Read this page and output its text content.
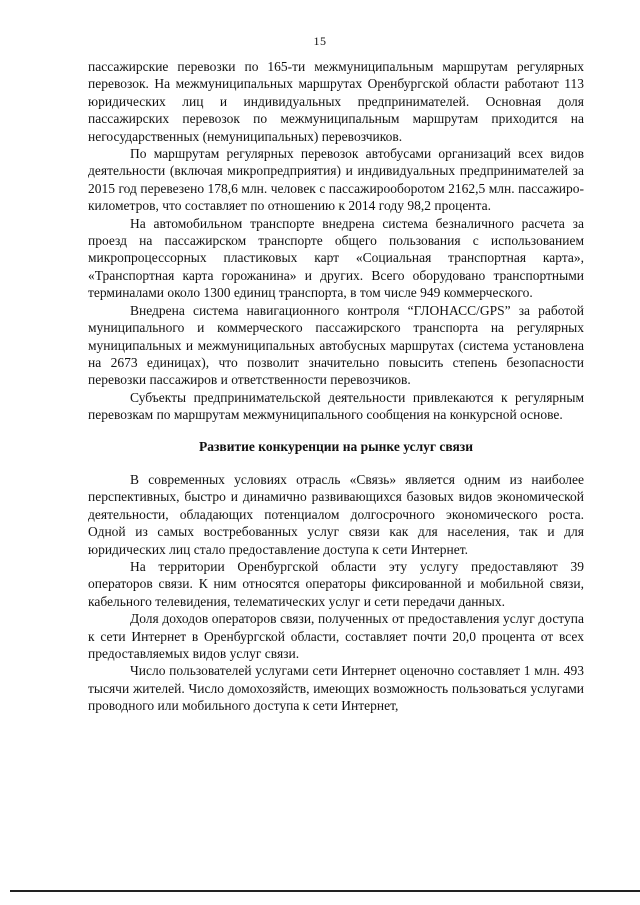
15

пассажирские перевозки по 165-ти межмуниципальным маршрутам регулярных перевозок. На межмуниципальных маршрутах Оренбургской области работают 113 юридических лиц и индивидуальных предпринимателей. Основная доля пассажирских перевозок по межмуниципальным маршрутам приходится на негосударственных (немуниципальных) перевозчиков.

По маршрутам регулярных перевозок автобусами организаций всех видов деятельности (включая микропредприятия) и индивидуальных предпринимателей за 2015 год перевезено 178,6 млн. человек с пассажирооборотом 2162,5 млн. пассажиро-километров, что составляет по отношению к 2014 году 98,2 процента.

На автомобильном транспорте внедрена система безналичного расчета за проезд на пассажирском транспорте общего пользования с использованием микропроцессорных пластиковых карт «Социальная транспортная карта», «Транспортная карта горожанина» и других. Всего оборудовано транспортными терминалами около 1300 единиц транспорта, в том числе 949 коммерческого.

Внедрена система навигационного контроля “ГЛОНАСС/GPS” за работой муниципального и коммерческого пассажирского транспорта на регулярных муниципальных и межмуниципальных автобусных маршрутах (система установлена на 2673 единицах), что позволит значительно повысить степень безопасности перевозки пассажиров и ответственности перевозчиков.

Субъекты предпринимательской деятельности привлекаются к регулярным перевозкам по маршрутам межмуниципального сообщения на конкурсной основе.

Развитие конкуренции на рынке услуг связи

В современных условиях отрасль «Связь» является одним из наиболее перспективных, быстро и динамично развивающихся базовых видов экономической деятельности, обладающих потенциалом долгосрочного экономического роста. Одной из самых востребованных услуг связи как для населения, так и для юридических лиц стало предоставление доступа к сети Интернет.

На территории Оренбургской области эту услугу предоставляют 39 операторов связи. К ним относятся операторы фиксированной и мобильной связи, кабельного телевидения, телематических услуг и сети передачи данных.

Доля доходов операторов связи, полученных от предоставления услуг доступа к сети Интернет в Оренбургской области, составляет почти 20,0 процента от всех предоставляемых видов услуг связи.

Число пользователей услугами сети Интернет оценочно составляет 1 млн. 493 тысячи жителей. Число домохозяйств, имеющих возможность пользоваться услугами проводного или мобильного доступа к сети Интернет,
